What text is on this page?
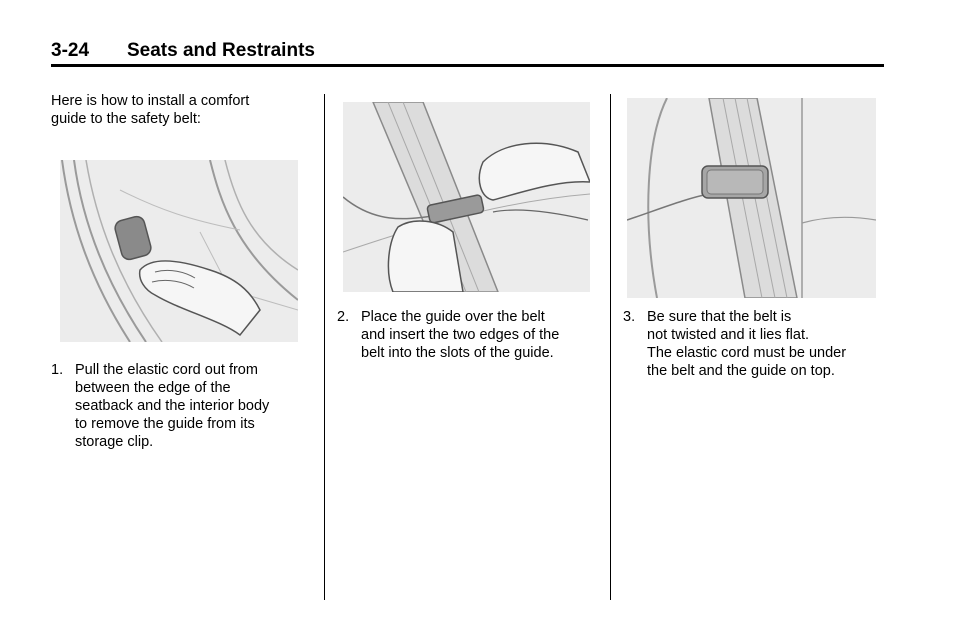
3-24 Seats and Restraints
Here is how to install a comfort
guide to the safety belt:
1. Pull the elastic cord out from
between the edge of the
seatback and the interior body
to remove the guide from its
storage clip.
2. Place the guide over the belt
and insert the two edges of the
belt into the slots of the guide.
3. Be sure that the belt is
not twisted and it lies flat.
The elastic cord must be under
the belt and the guide on top.
